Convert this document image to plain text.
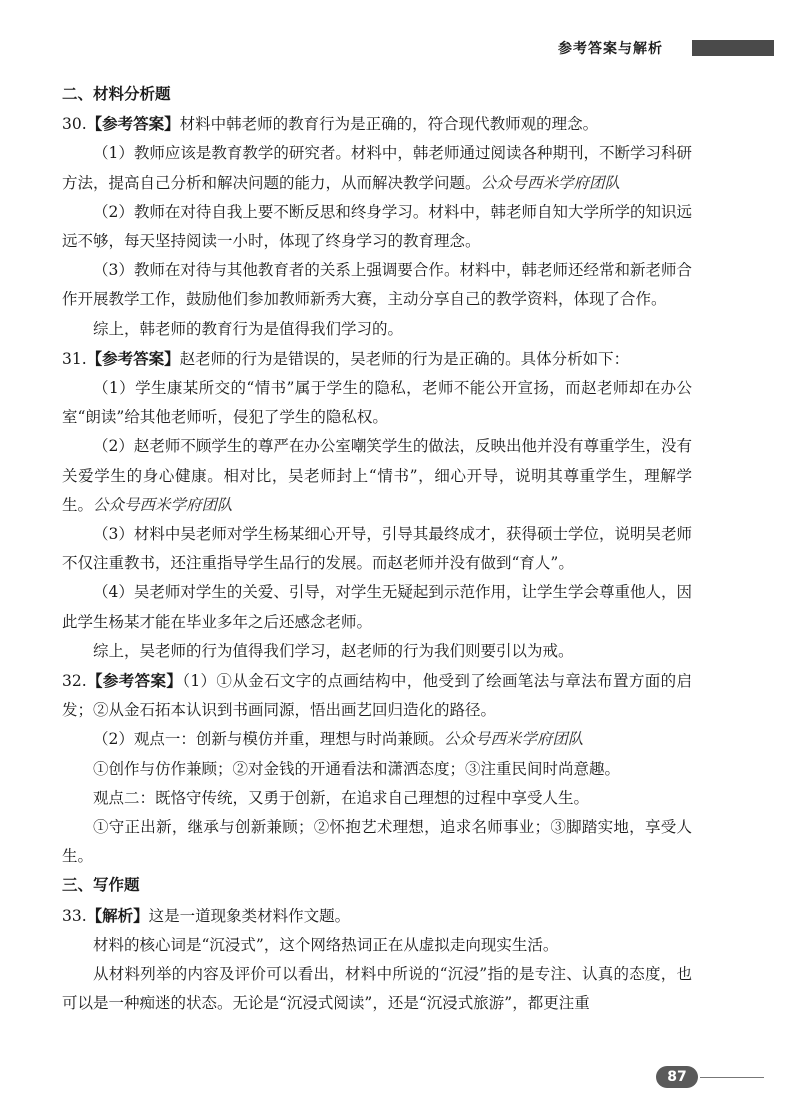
参考答案与解析

二、材料分析题

30.【参考答案】材料中韩老师的教育行为是正确的，符合现代教师观的理念。

（1）教师应该是教育教学的研究者。材料中，韩老师通过阅读各种期刊，不断学习科研方法，提高自己分析和解决问题的能力，从而解决教学问题。公众号西米学府团队

（2）教师在对待自我上要不断反思和终身学习。材料中，韩老师自知大学所学的知识远远不够，每天坚持阅读一小时，体现了终身学习的教育理念。

（3）教师在对待与其他教育者的关系上强调要合作。材料中，韩老师还经常和新老师合作开展教学工作，鼓励他们参加教师新秀大赛，主动分享自己的教学资料，体现了合作。

综上，韩老师的教育行为是值得我们学习的。

31.【参考答案】赵老师的行为是错误的，吴老师的行为是正确的。具体分析如下：

（1）学生康某所交的“情书”属于学生的隐私，老师不能公开宣扬，而赵老师却在办公室“朗读”给其他老师听，侵犯了学生的隐私权。

（2）赵老师不顾学生的尊严在办公室嘲笑学生的做法，反映出他并没有尊重学生，没有关爱学生的身心健康。相对比，吴老师封上“情书”，细心开导，说明其尊重学生，理解学生。公众号西米学府团队

（3）材料中吴老师对学生杨某细心开导，引导其最终成才，获得硕士学位，说明吴老师不仅注重教书，还注重指导学生品行的发展。而赵老师并没有做到“育人”。

（4）吴老师对学生的关爱、引导，对学生无疑起到示范作用，让学生学会尊重他人，因此学生杨某才能在毕业多年之后还感念老师。

综上，吴老师的行为值得我们学习，赵老师的行为我们则要引以为戒。

32.【参考答案】（1）①从金石文字的点画结构中，他受到了绘画笔法与章法布置方面的启发；②从金石拓本认识到书画同源，悟出画艺回归造化的路径。

（2）观点一：创新与模仿并重，理想与时尚兼顾。公众号西米学府团队

①创作与仿作兼顾；②对金钱的开通看法和潇洒态度；③注重民间时尚意趣。

观点二：既恪守传统，又勇于创新，在追求自己理想的过程中享受人生。

①守正出新，继承与创新兼顾；②怀抱艺术理想，追求名师事业；③脚踏实地，享受人生。

三、写作题

33.【解析】这是一道现象类材料作文题。

材料的核心词是“沉浸式”，这个网络热词正在从虚拟走向现实生活。

从材料列举的内容及评价可以看出，材料中所说的“沉浸”指的是专注、认真的态度，也可以是一种痴迷的状态。无论是“沉浸式阅读”，还是“沉浸式旅游”，都更注重

87
